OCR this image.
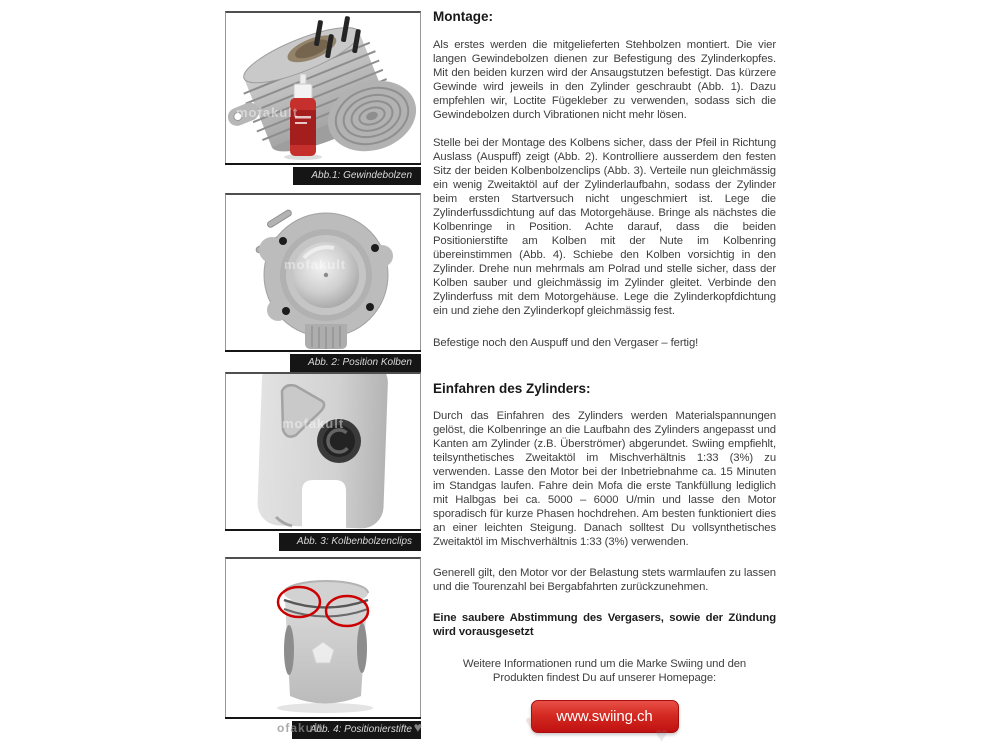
mofakult
Abb.1: Gewindebolzen
mofakult
Abb. 2: Position Kolben
mofakult
Abb. 3: Kolbenbolzenclips
Abb. 4: Positionierstifte
ofakult	♥
Montage:

Als erstes werden die mitgelieferten Stehbolzen montiert. Die vier langen Gewindebolzen dienen zur Befestigung des Zylinderkopfes. Mit den beiden kurzen wird der Ansaugstutzen befestigt. Das kürzere Gewinde wird jeweils in den Zylinder geschraubt (Abb. 1). Dazu empfehlen wir, Loctite Fügekleber zu verwenden, sodass sich die Gewindebolzen durch Vibrationen nicht mehr lösen.

Stelle bei der Montage des Kolbens sicher, dass der Pfeil in Richtung Auslass (Auspuff) zeigt (Abb. 2). Kontrolliere ausserdem den festen Sitz der beiden Kolbenbolzenclips (Abb. 3). Verteile nun gleichmässig ein wenig Zweitaktöl auf der Zylinderlaufbahn, sodass der Zylinder beim ersten Startversuch nicht ungeschmiert ist. Lege die Zylinderfussdichtung auf das Motorgehäuse. Bringe als nächstes die Kolbenringe in Position. Achte darauf, dass die beiden Positionierstifte am Kolben mit der Nute im Kolbenring übereinstimmen (Abb. 4). Schiebe den Kolben vorsichtig in den Zylinder. Drehe nun mehrmals am Polrad und stelle sicher, dass der Kolben sauber und gleichmässig im Zylinder gleitet. Verbinde den Zylinderfuss mit dem Motorgehäuse. Lege die Zylinderkopfdichtung ein und ziehe den Zylinderkopf gleichmässig fest.

Befestige noch den Auspuff und den Vergaser – fertig!

Einfahren des Zylinders:

Durch das Einfahren des Zylinders werden Materialspannungen gelöst, die Kolbenringe an die Laufbahn des Zylinders angepasst und Kanten am Zylinder (z.B. Überströmer) abgerundet. Swiing empfiehlt, teilsynthetisches Zweitaktöl im Mischverhältnis 1:33 (3%) zu verwenden. Lasse den Motor bei der Inbetriebnahme ca. 15 Minuten im Standgas laufen. Fahre dein Mofa die erste Tankfüllung lediglich mit Halbgas bei ca. 5000 – 6000 U/min und lasse den Motor sporadisch für kurze Phasen hochdrehen. Am besten funktioniert dies an einer leichten Steigung. Danach solltest Du vollsynthetisches Zweitaktöl im Mischverhältnis 1:33 (3%) verwenden.

Generell gilt, den Motor vor der Belastung stets warmlaufen zu lassen und die Tourenzahl bei Bergabfahrten zurückzunehmen.

Eine saubere Abstimmung des Vergasers, sowie der Zündung wird vorausgesetzt

Weitere Informationen rund um die Marke Swiing und den Produkten findest Du auf unserer Homepage:

www.swiing.ch
♥
